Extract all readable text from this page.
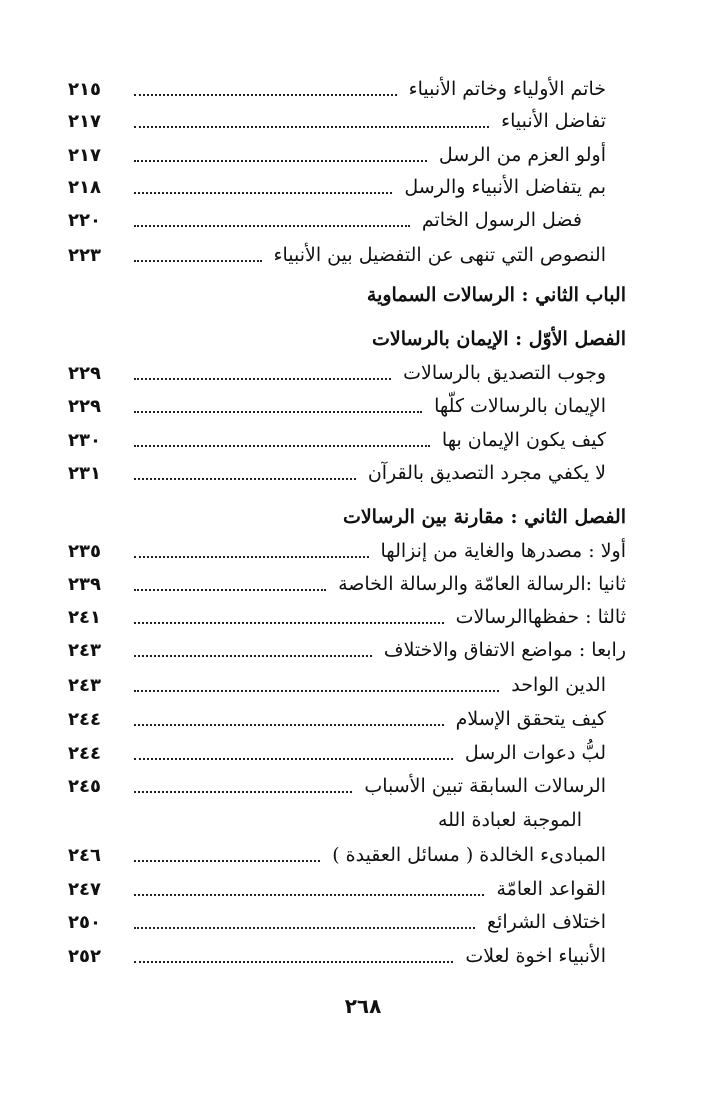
خاتم الأولياء وخاتم الأنبياء
٢١٥
تفاضل الأنبياء
٢١٧
أولو العزم من الرسل
٢١٧
بم يتفاضل الأنبياء والرسل
٢١٨
فضل الرسول الخاتم
٢٢٠
النصوص التي تنهى عن التفضيل بين الأنبياء
٢٢٣
الباب الثاني : الرسالات السماوية
الفصل الأوّل : الإيمان بالرسالات
وجوب التصديق بالرسالات
٢٢٩
الإيمان بالرسالات كلّها
٢٢٩
كيف يكون الإيمان بها
٢٣٠
لا يكفي مجرد التصديق بالقرآن
٢٣١
الفصل الثاني : مقارنة بين الرسالات
أولا : مصدرها والغاية من إنزالها
٢٣٥
ثانيا :الرسالة العامّة والرسالة الخاصة
٢٣٩
ثالثا : حفظهاالرسالات
٢٤١
رابعا : مواضع الاتفاق والاختلاف
٢٤٣
الدين الواحد
٢٤٣
كيف يتحقق الإسلام
٢٤٤
لبُّ دعوات الرسل
٢٤٤
الرسالات السابقة تبين الأسباب
٢٤٥
الموجبة لعبادة الله
المبادىء الخالدة ( مسائل العقيدة )
٢٤٦
القواعد العامّة
٢٤٧
اختلاف الشرائع
٢٥٠
الأنبياء اخوة لعلات
٢٥٢
٢٦٨
